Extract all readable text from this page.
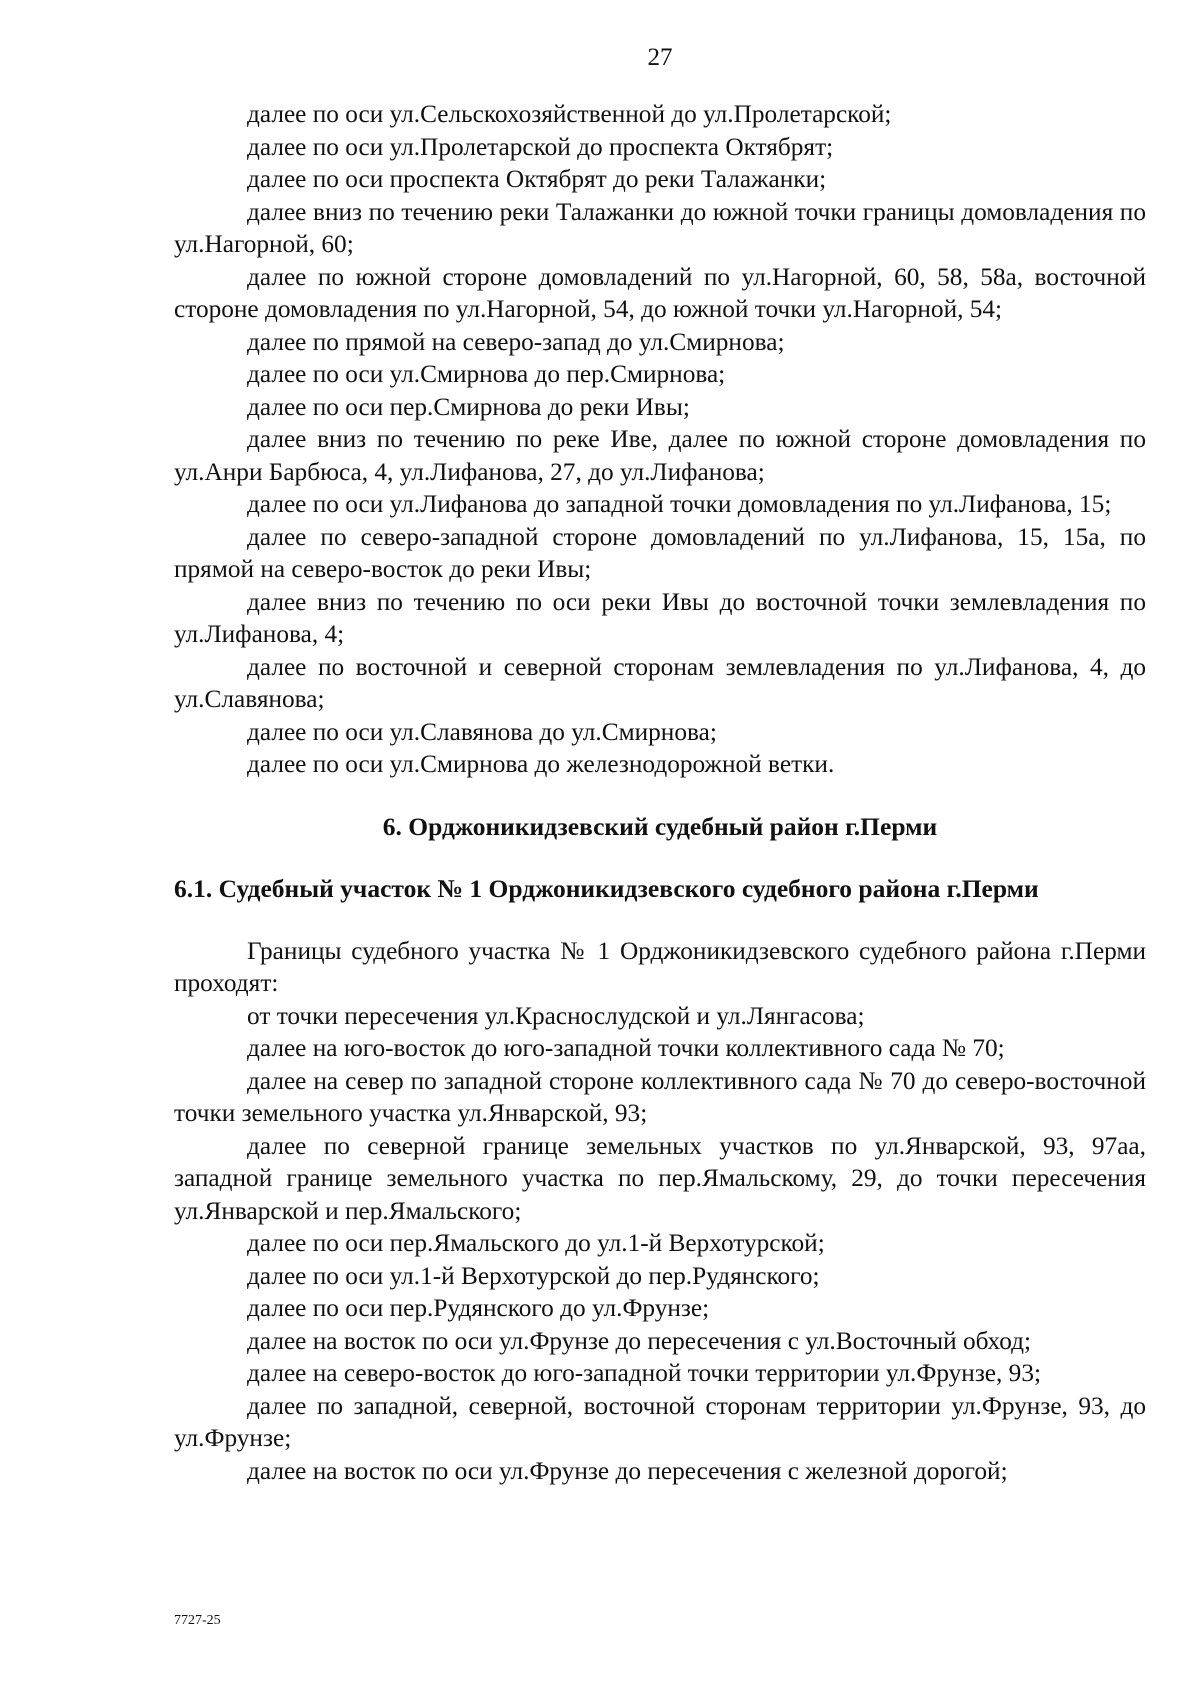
27

далее по оси ул.Сельскохозяйственной до ул.Пролетарской;

далее по оси ул.Пролетарской до проспекта Октябрят;

далее по оси проспекта Октябрят до реки Талажанки;

далее вниз по течению реки Талажанки до южной точки границы домовладения по ул.Нагорной, 60;

далее по южной стороне домовладений по ул.Нагорной, 60, 58, 58а, восточной стороне домовладения по ул.Нагорной, 54, до южной точки ул.Нагорной, 54;

далее по прямой на северо-запад до ул.Смирнова;

далее по оси ул.Смирнова до пер.Смирнова;

далее по оси пер.Смирнова до реки Ивы;

далее вниз по течению по реке Иве, далее по южной стороне домовладения по ул.Анри Барбюса, 4, ул.Лифанова, 27, до ул.Лифанова;

далее по оси ул.Лифанова до западной точки домовладения по ул.Лифанова, 15;

далее по северо-западной стороне домовладений по ул.Лифанова, 15, 15а, по прямой на северо-восток до реки Ивы;

далее вниз по течению по оси реки Ивы до восточной точки землевладения по ул.Лифанова, 4;

далее по восточной и северной сторонам землевладения по ул.Лифанова, 4, до ул.Славянова;

далее по оси ул.Славянова до ул.Смирнова;

далее по оси ул.Смирнова до железнодорожной ветки.

6. Орджоникидзевский судебный район г.Перми
6.1. Судебный участок № 1 Орджоникидзевского судебного района г.Перми

Границы судебного участка № 1 Орджоникидзевского судебного района г.Перми проходят:

от точки пересечения ул.Краснослудской и ул.Лянгасова;

далее на юго-восток до юго-западной точки коллективного сада № 70;

далее на север по западной стороне коллективного сада № 70 до северо-восточной точки земельного участка ул.Январской, 93;

далее по северной границе земельных участков по ул.Январской, 93, 97аа, западной границе земельного участка по пер.Ямальскому, 29, до точки пересечения ул.Январской и пер.Ямальского;

далее по оси пер.Ямальского до ул.1-й Верхотурской;

далее по оси ул.1-й Верхотурской до пер.Рудянского;

далее по оси пер.Рудянского до ул.Фрунзе;

далее на восток по оси ул.Фрунзе до пересечения с ул.Восточный обход;

далее на северо-восток до юго-западной точки территории ул.Фрунзе, 93;

далее по западной, северной, восточной сторонам территории ул.Фрунзе, 93, до ул.Фрунзе;

далее на восток по оси ул.Фрунзе до пересечения с железной дорогой;

7727-25
